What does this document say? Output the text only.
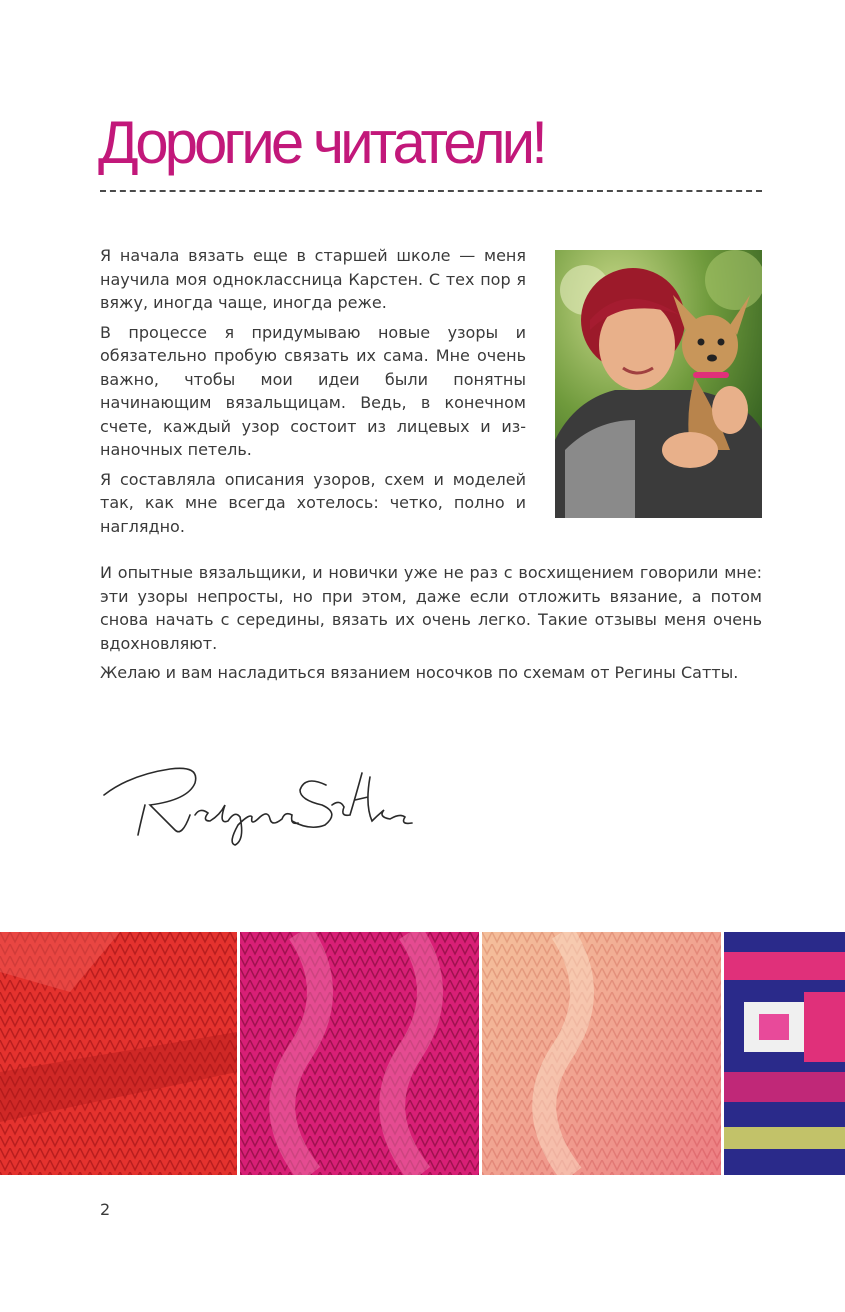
Дорогие читатели!

Я начала вязать еще в старшей школе — меня научила моя одноклассница Карстен. С тех пор я вяжу, иногда чаще, иногда реже.

В процессе я придумываю новые узоры и обязательно пробую связать их сама. Мне очень важно, чтобы мои идеи были понятны начинающим вязальщицам. Ведь, в конечном счете, каждый узор состоит из лицевых и изнаночных петель.

Я составляла описания узоров, схем и моделей так, как мне всегда хотелось: четко, полно и наглядно.

И опытные вязальщики, и новички уже не раз с восхищением говорили мне: эти узоры непросты, но при этом, даже если отложить вязание, а потом снова начать с середины, вязать их очень легко. Такие отзывы меня очень вдохновляют.

Желаю и вам насладиться вязанием носочков по схемам от Регины Сатты.

2
